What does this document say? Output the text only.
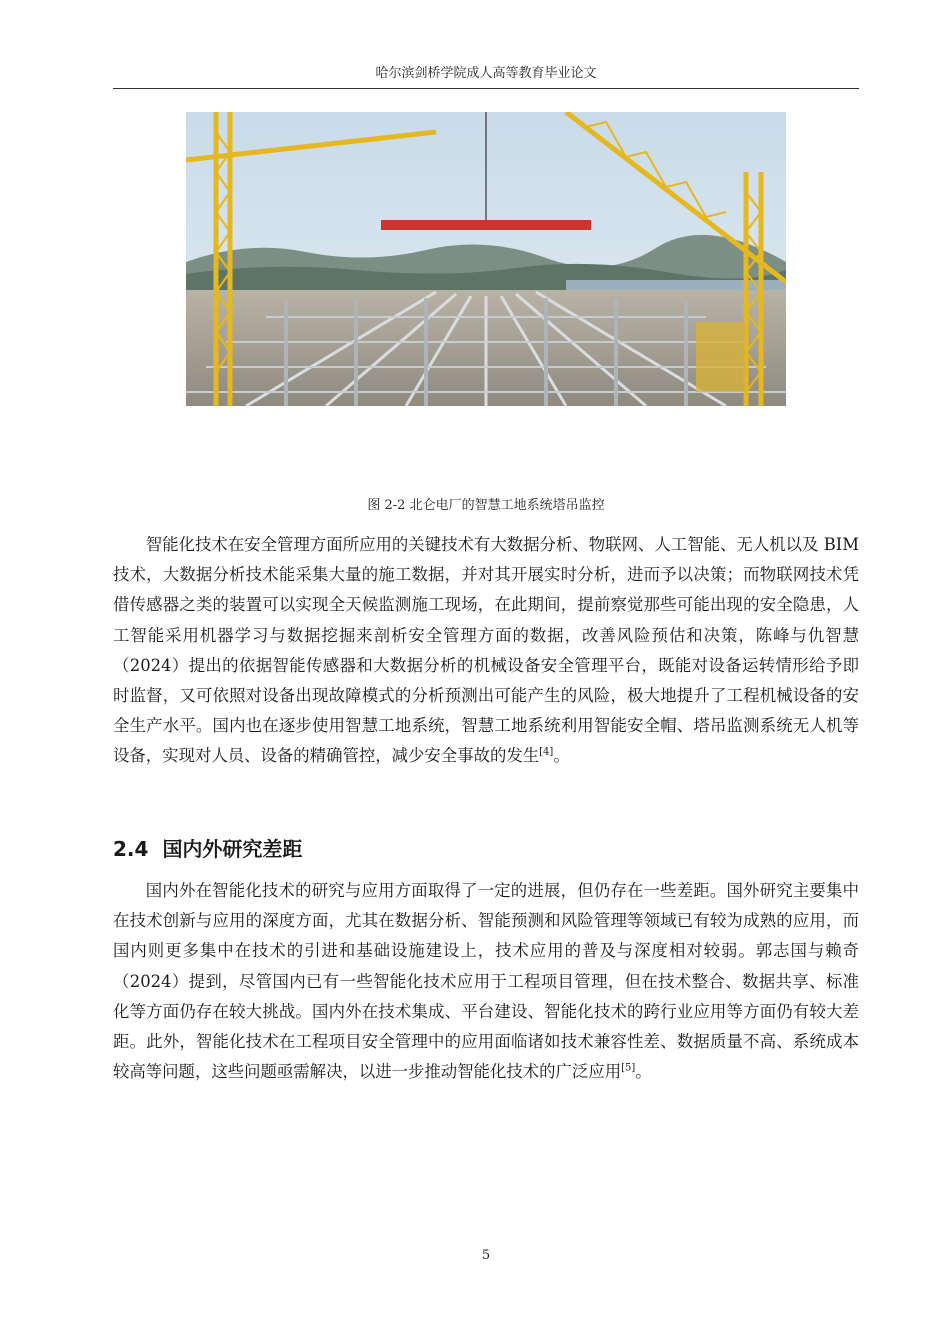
哈尔滨剑桥学院成人高等教育毕业论文
图 2-2 北仑电厂的智慧工地系统塔吊监控

智能化技术在安全管理方面所应用的关键技术有大数据分析、物联网、人工智能、无人机以及 BIM 技术，大数据分析技术能采集大量的施工数据，并对其开展实时分析，进而予以决策；而物联网技术凭借传感器之类的装置可以实现全天候监测施工现场，在此期间，提前察觉那些可能出现的安全隐患，人工智能采用机器学习与数据挖掘来剖析安全管理方面的数据，改善风险预估和决策，陈峰与仇智慧（2024）提出的依据智能传感器和大数据分析的机械设备安全管理平台，既能对设备运转情形给予即时监督，又可依照对设备出现故障模式的分析预测出可能产生的风险，极大地提升了工程机械设备的安全生产水平。国内也在逐步使用智慧工地系统，智慧工地系统利用智能安全帽、塔吊监测系统无人机等设备，实现对人员、设备的精确管控，减少安全事故的发生[4]。

2.4 国内外研究差距

国内外在智能化技术的研究与应用方面取得了一定的进展，但仍存在一些差距。国外研究主要集中在技术创新与应用的深度方面，尤其在数据分析、智能预测和风险管理等领域已有较为成熟的应用，而国内则更多集中在技术的引进和基础设施建设上，技术应用的普及与深度相对较弱。郭志国与赖奇（2024）提到，尽管国内已有一些智能化技术应用于工程项目管理，但在技术整合、数据共享、标准化等方面仍存在较大挑战。国内外在技术集成、平台建设、智能化技术的跨行业应用等方面仍有较大差距。此外，智能化技术在工程项目安全管理中的应用面临诸如技术兼容性差、数据质量不高、系统成本较高等问题，这些问题亟需解决，以进一步推动智能化技术的广泛应用[5]。

5
